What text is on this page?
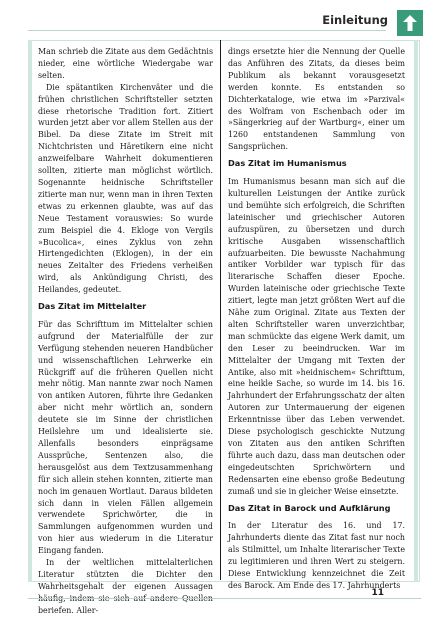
Einleitung

Man schrieb die Zitate aus dem Gedächtnis nieder, eine wörtliche Wiedergabe war selten.

Die spätantiken Kirchenväter und die frühen christlichen Schriftsteller setzten diese rhetorische Tradition fort. Zitiert wurden jetzt aber vor allem Stellen aus der Bibel. Da diese Zitate im Streit mit Nichtchristen und Häretikern eine nicht anzweifelbare Wahrheit dokumentieren sollten, zitierte man möglichst wörtlich. Sogenannte heidnische Schriftsteller zitierte man nur, wenn man in ihren Texten etwas zu erkennen glaubte, was auf das Neue Testament vorauswies: So wurde zum Beispiel die 4. Ekloge von Vergils »Bucolica«, eines Zyklus von zehn Hirtengedichten (Eklogen), in der ein neues Zeitalter des Friedens verheißen wird, als Ankündigung Christi, des Heilandes, gedeutet.

Das Zitat im Mittelalter

Für das Schrifttum im Mittelalter schien aufgrund der Materialfülle der zur Verfügung stehenden neueren Handbücher und wissenschaftlichen Lehrwerke ein Rückgriff auf die früheren Quellen nicht mehr nötig. Man nannte zwar noch Namen von antiken Autoren, führte ihre Gedanken aber nicht mehr wörtlich an, sondern deutete sie im Sinne der christlichen Heilslehre um und idealisierte sie. Allenfalls besonders einprägsame Aussprüche, Sentenzen also, die herausgelöst aus dem Textzusammenhang für sich allein stehen konnten, zitierte man noch im genauen Wortlaut. Daraus bildeten sich dann in vielen Fällen allgemein verwendete Sprichwörter, die in Sammlungen aufgenommen wurden und von hier aus wiederum in die Literatur Eingang fanden.

In der weltlichen mittelalterlichen Literatur stützten die Dichter den Wahrheitsgehalt der eigenen Aussagen beriefen. Aller-

dings ersetzte hier die Nennung der Quelle das Anführen des Zitats, da dieses beim Publikum als bekannt vorausgesetzt werden konnte. Es entstanden so Dichterkataloge, wie etwa im »Parzival« des Wolfram von Eschenbach oder im »Sängerkrieg auf der Wartburg«, einer um 1260 entstandenen Sammlung von Sangsprüchen.

Das Zitat im Humanismus

Im Humanismus besann man sich auf die kulturellen Leistungen der Antike zurück und bemühte sich erfolgreich, die Schriften lateinischer und griechischer Autoren aufzuspüren, zu übersetzen und durch kritische Ausgaben wissenschaftlich aufzuarbeiten. Die bewusste Nachahmung antiker Vorbilder war typisch für das literarische Schaffen dieser Epoche. Wurden lateinische oder griechische Texte zitiert, legte man jetzt größten Wert auf die Nähe zum Original. Zitate aus Texten der alten Schriftsteller waren unverzichtbar, man schmückte das eigene Werk damit, um den Leser zu beeindrucken. War im Mittelalter der Umgang mit Texten der Antike, also mit »heidnischem« Schrifttum, eine heikle Sache, so wurde im 14. bis 16. Jahrhundert der Erfahrungsschatz der alten Autoren zur Untermauerung der eigenen Erkenntnisse über das Leben verwendet. Diese psychologisch geschickte Nutzung von Zitaten aus den antiken Schriften führte auch dazu, dass man deutschen oder eingedeutschten Sprichwörtern und Redensarten eine ebenso große Bedeutung zumaß und sie in gleicher Weise einsetzte.

Das Zitat in Barock und Aufklärung

In der Literatur des 16. und 17. Jahrhunderts diente das Zitat fast nur noch als Stilmittel, um Inhalte literarischer Texte zu legitimieren und ihren Wert zu steigern. Diese Entwicklung kennzeichnet die Zeit des Barock. Am Ende des 17. Jahrhunderts

11
